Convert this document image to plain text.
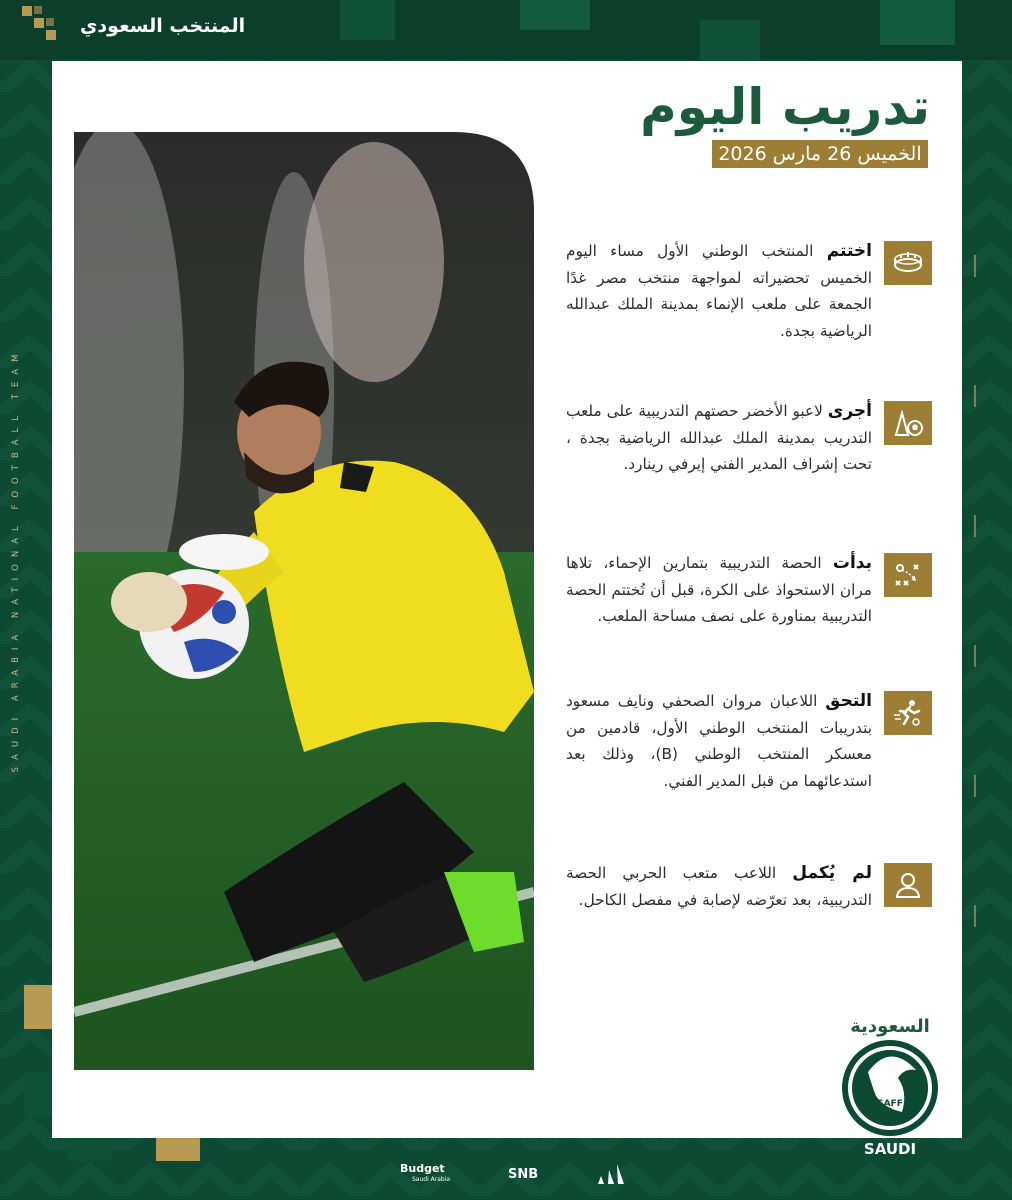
المنتخب السعودي
SAUDI ARABIA NATIONAL FOOTBALL TEAM
تدريب اليوم
الخميس 26 مارس 2026
اختتم المنتخب الوطني الأول مساء اليوم الخميس تحضيراته لمواجهة منتخب مصر غدًا الجمعة على ملعب الإنماء بمدينة الملك عبدالله الرياضية بجدة.
أجرى لاعبو الأخضر حصتهم التدريبية على ملعب التدريب بمدينة الملك عبدالله الرياضية بجدة ، تحت إشراف المدير الفني إيرفي رينارد.
بدأت الحصة التدريبية بتمارين الإحماء، تلاها مران الاستحواذ على الكرة، قبل أن تُختتم الحصة التدريبية بمناورة على نصف مساحة الملعب.
التحق اللاعبان مروان الصحفي ونايف مسعود بتدريبات المنتخب الوطني الأول، قادمين من معسكر المنتخب الوطني (B)، وذلك بعد استدعائهما من قبل المدير الفني.
لم يُكمل اللاعب متعب الحربي الحصة التدريبية، بعد تعرّضه لإصابة في مفصل الكاحل.
السعودية
SAFF
SAUDI
Budget
Saudi Arabia	SNB
